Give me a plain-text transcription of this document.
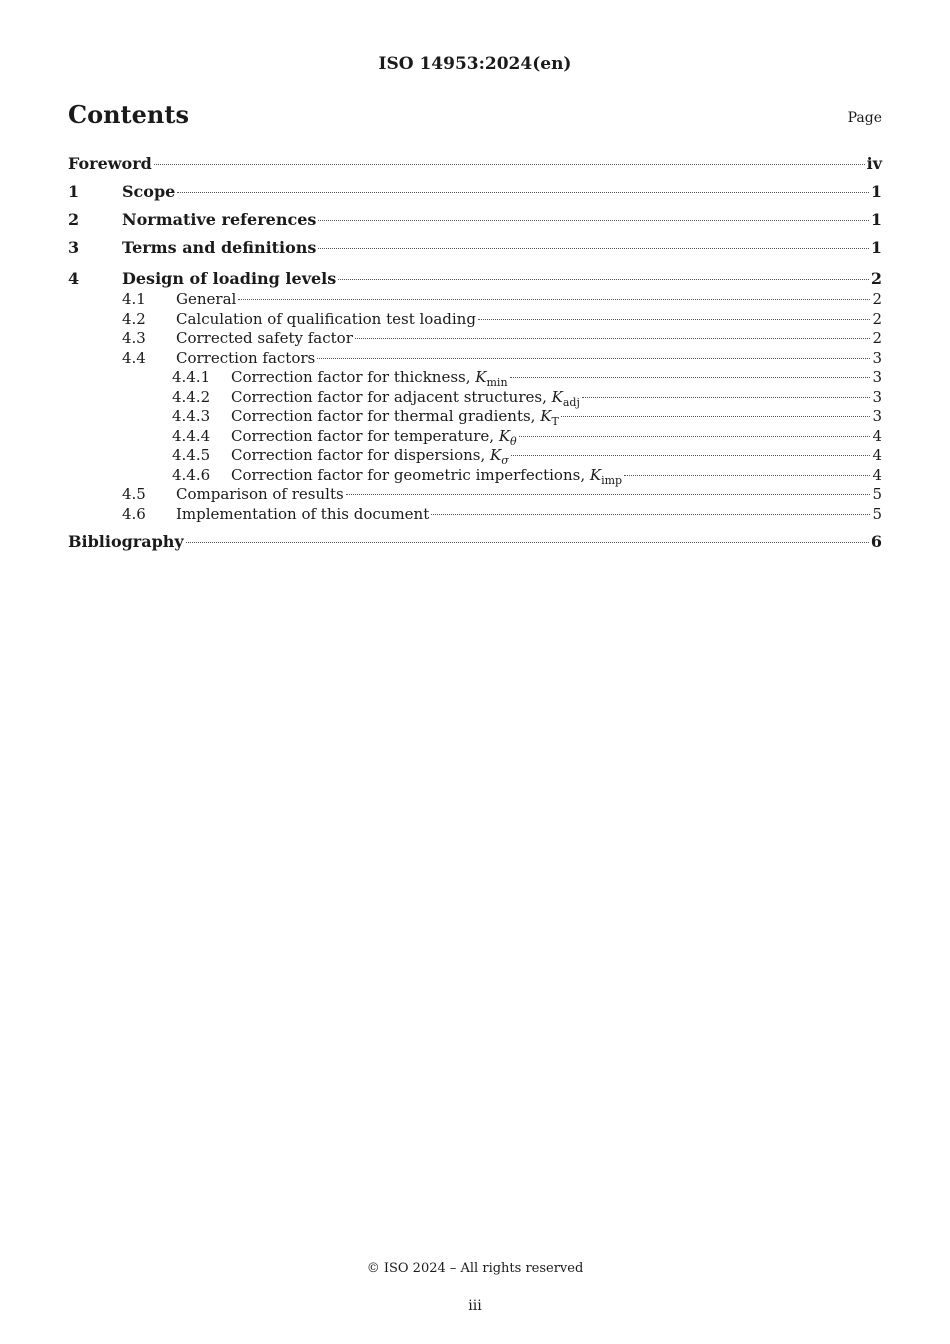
ISO 14953:2024(en)
Contents	Page
Foreword	iv
1	Scope	1
2	Normative references	1
3	Terms and definitions	1
4	Design of loading levels	2
4.1	General	2
4.2	Calculation of qualification test loading	2
4.3	Corrected safety factor	2
4.4	Correction factors	3
4.4.1	Correction factor for thickness, $K_{min}$	3
4.4.2	Correction factor for adjacent structures, $K_{adj}$	3
4.4.3	Correction factor for thermal gradients, $K_T$	3
4.4.4	Correction factor for temperature, $K_\theta$	4
4.4.5	Correction factor for dispersions, $K_\sigma$	4
4.4.6	Correction factor for geometric imperfections, $K_{imp}$	4
4.5	Comparison of results	5
4.6	Implementation of this document	5
Bibliography	6
© ISO 2024 – All rights reserved
iii
